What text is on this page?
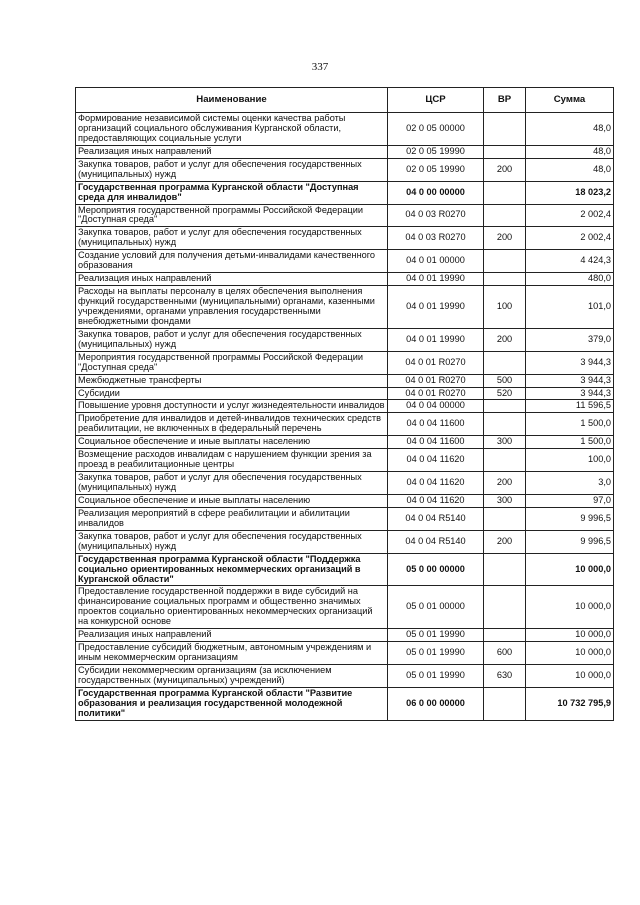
337
Наименование	ЦСР	ВР	Сумма
Формирование независимой системы оценки качества работы организаций социального обслуживания Курганской области, предоставляющих социальные услуги	02 0 05 00000		48,0
Реализация иных направлений	02 0 05 19990		48,0
Закупка товаров, работ и услуг для обеспечения государственных (муниципальных) нужд	02 0 05 19990	200	48,0
Государственная программа Курганской области "Доступная среда для инвалидов"	04 0 00 00000		18 023,2
Мероприятия государственной программы Российской Федерации "Доступная среда"	04 0 03 R0270		2 002,4
Закупка товаров, работ и услуг для обеспечения государственных (муниципальных) нужд	04 0 03 R0270	200	2 002,4
Создание условий для получения детьми-инвалидами качественного образования	04 0 01 00000		4 424,3
Реализация иных направлений	04 0 01 19990		480,0
Расходы на выплаты персоналу в целях обеспечения выполнения функций государственными (муниципальными) органами, казенными учреждениями, органами управления государственными внебюджетными фондами	04 0 01 19990	100	101,0
Закупка товаров, работ и услуг для обеспечения государственных (муниципальных) нужд	04 0 01 19990	200	379,0
Мероприятия государственной программы Российской Федерации "Доступная среда"	04 0 01 R0270		3 944,3
Межбюджетные трансферты	04 0 01 R0270	500	3 944,3
Субсидии	04 0 01 R0270	520	3 944,3
Повышение уровня доступности и услуг жизнедеятельности инвалидов	04 0 04 00000		11 596,5
Приобретение для инвалидов и детей-инвалидов технических средств реабилитации, не включенных в федеральный перечень	04 0 04 11600		1 500,0
Социальное обеспечение и иные выплаты населению	04 0 04 11600	300	1 500,0
Возмещение расходов инвалидам с нарушением функции зрения за проезд в реабилитационные центры	04 0 04 11620		100,0
Закупка товаров, работ и услуг для обеспечения государственных (муниципальных) нужд	04 0 04 11620	200	3,0
Социальное обеспечение и иные выплаты населению	04 0 04 11620	300	97,0
Реализация мероприятий в сфере реабилитации и абилитации инвалидов	04 0 04 R5140		9 996,5
Закупка товаров, работ и услуг для обеспечения государственных (муниципальных) нужд	04 0 04 R5140	200	9 996,5
Государственная программа Курганской области "Поддержка социально ориентированных некоммерческих организаций в Курганской области"	05 0 00 00000		10 000,0
Предоставление государственной поддержки в виде субсидий на финансирование социальных программ и общественно значимых проектов социально ориентированных некоммерческих организаций на конкурсной основе	05 0 01 00000		10 000,0
Реализация иных направлений	05 0 01 19990		10 000,0
Предоставление субсидий бюджетным, автономным учреждениям и иным некоммерческим организациям	05 0 01 19990	600	10 000,0
Субсидии некоммерческим организациям (за исключением государственных (муниципальных) учреждений)	05 0 01 19990	630	10 000,0
Государственная программа Курганской области "Развитие образования и реализация государственной молодежной политики"	06 0 00 00000		10 732 795,9
